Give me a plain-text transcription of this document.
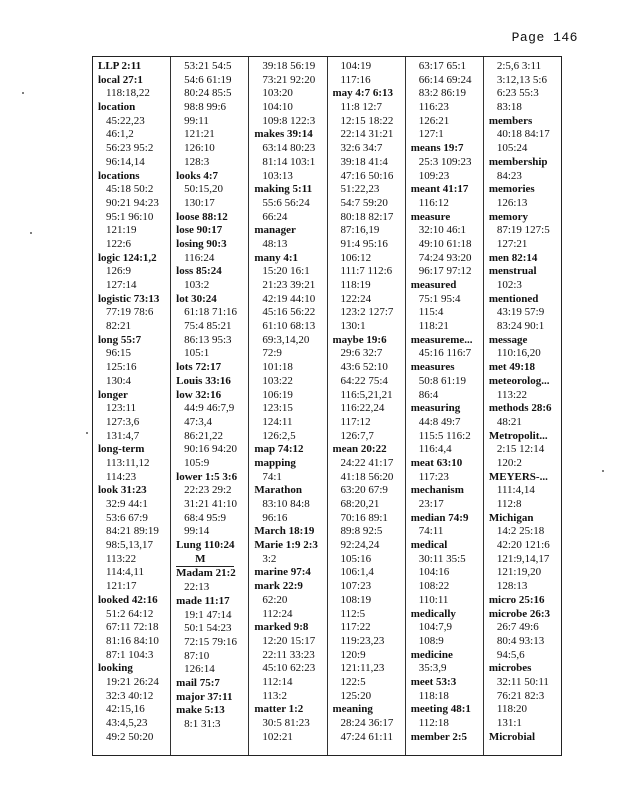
Page 146
LLP 2:11
local 27:1
118:18,22
location
45:22,23
46:1,2
56:23 95:2
96:14,14
locations
45:18 50:2
90:21 94:23
95:1 96:10
121:19
122:6
logic 124:1,2
126:9
127:14
logistic 73:13
77:19 78:6
82:21
long 55:7
96:15
125:16
130:4
longer
123:11
127:3,6
131:4,7
long-term
113:11,12
114:23
look 31:23
32:9 44:1
53:6 67:9
84:21 89:19
98:5,13,17
113:22
114:4,11
121:17
looked 42:16
51:2 64:12
67:11 72:18
81:16 84:10
87:1 104:3
looking
19:21 26:24
32:3 40:12
42:15,16
43:4,5,23
49:2 50:20
53:21 54:5
54:6 61:19
80:24 85:5
98:8 99:6
99:11
121:21
126:10
128:3
looks 4:7
50:15,20
130:17
loose 88:12
lose 90:17
losing 90:3
116:24
loss 85:24
103:2
lot 30:24
61:18 71:16
75:4 85:21
86:13 95:3
105:1
lots 72:17
Louis 33:16
low 32:16
44:9 46:7,9
47:3,4
86:21,22
90:16 94:20
105:9
lower 1:5 3:6
22:23 29:2
31:21 41:10
68:4 95:9
99:14
Lung 110:24
M
Madam 21:2
22:13
made 11:17
19:1 47:14
50:1 54:23
72:15 79:16
87:10
126:14
mail 75:7
major 37:11
make 5:13
8:1 31:3
39:18 56:19
73:21 92:20
103:20
104:10
109:8 122:3
makes 39:14
63:14 80:23
81:14 103:1
103:13
making 5:11
55:6 56:24
66:24
manager
48:13
many 4:1
15:20 16:1
21:23 39:21
42:19 44:10
45:16 56:22
61:10 68:13
69:3,14,20
72:9
101:18
103:22
106:19
123:15
124:11
126:2,5
map 74:12
mapping
74:1
Marathon
83:10 84:8
96:16
March 18:19
Marie 1:9 2:3
3:2
marine 97:4
mark 22:9
62:20
112:24
marked 9:8
12:20 15:17
22:11 33:23
45:10 62:23
112:14
113:2
matter 1:2
30:5 81:23
102:21
104:19
117:16
may 4:7 6:13
11:8 12:7
12:15 18:22
22:14 31:21
32:6 34:7
39:18 41:4
47:16 50:16
51:22,23
54:7 59:20
80:18 82:17
87:16,19
91:4 95:16
106:12
111:7 112:6
118:19
122:24
123:2 127:7
130:1
maybe 19:6
29:6 32:7
43:6 52:10
64:22 75:4
116:5,21,21
116:22,24
117:12
126:7,7
mean 20:22
24:22 41:17
41:18 56:20
63:20 67:9
68:20,21
70:16 89:1
89:8 92:5
92:24,24
105:16
106:1,4
107:23
108:19
112:5
117:22
119:23,23
120:9
121:11,23
122:5
125:20
meaning
28:24 36:17
47:24 61:11
63:17 65:1
66:14 69:24
83:2 86:19
116:23
126:21
127:1
means 19:7
25:3 109:23
109:23
meant 41:17
116:12
measure
32:10 46:1
49:10 61:18
74:24 93:20
96:17 97:12
measured
75:1 95:4
115:4
118:21
measureme...
45:16 116:7
measures
50:8 61:19
86:4
measuring
44:8 49:7
115:5 116:2
116:4,4
meat 63:10
117:23
mechanism
23:17
median 74:9
74:11
medical
30:11 35:5
104:16
108:22
110:11
medically
104:7,9
108:9
medicine
35:3,9
meet 53:3
118:18
meeting 48:1
112:18
member 2:5
2:5,6 3:11
3:12,13 5:6
6:23 55:3
83:18
members
40:18 84:17
105:24
membership
84:23
memories
126:13
memory
87:19 127:5
127:21
men 82:14
menstrual
102:3
mentioned
43:19 57:9
83:24 90:1
message
110:16,20
met 49:18
meteorolog...
113:22
methods 28:6
48:21
Metropolit...
2:15 12:14
120:2
MEYERS-...
111:4,14
112:8
Michigan
14:2 25:18
42:20 121:6
121:9,14,17
121:19,20
128:13
micro 25:16
microbe 26:3
26:7 49:6
80:4 93:13
94:5,6
microbes
32:11 50:11
76:21 82:3
118:20
131:1
Microbial
